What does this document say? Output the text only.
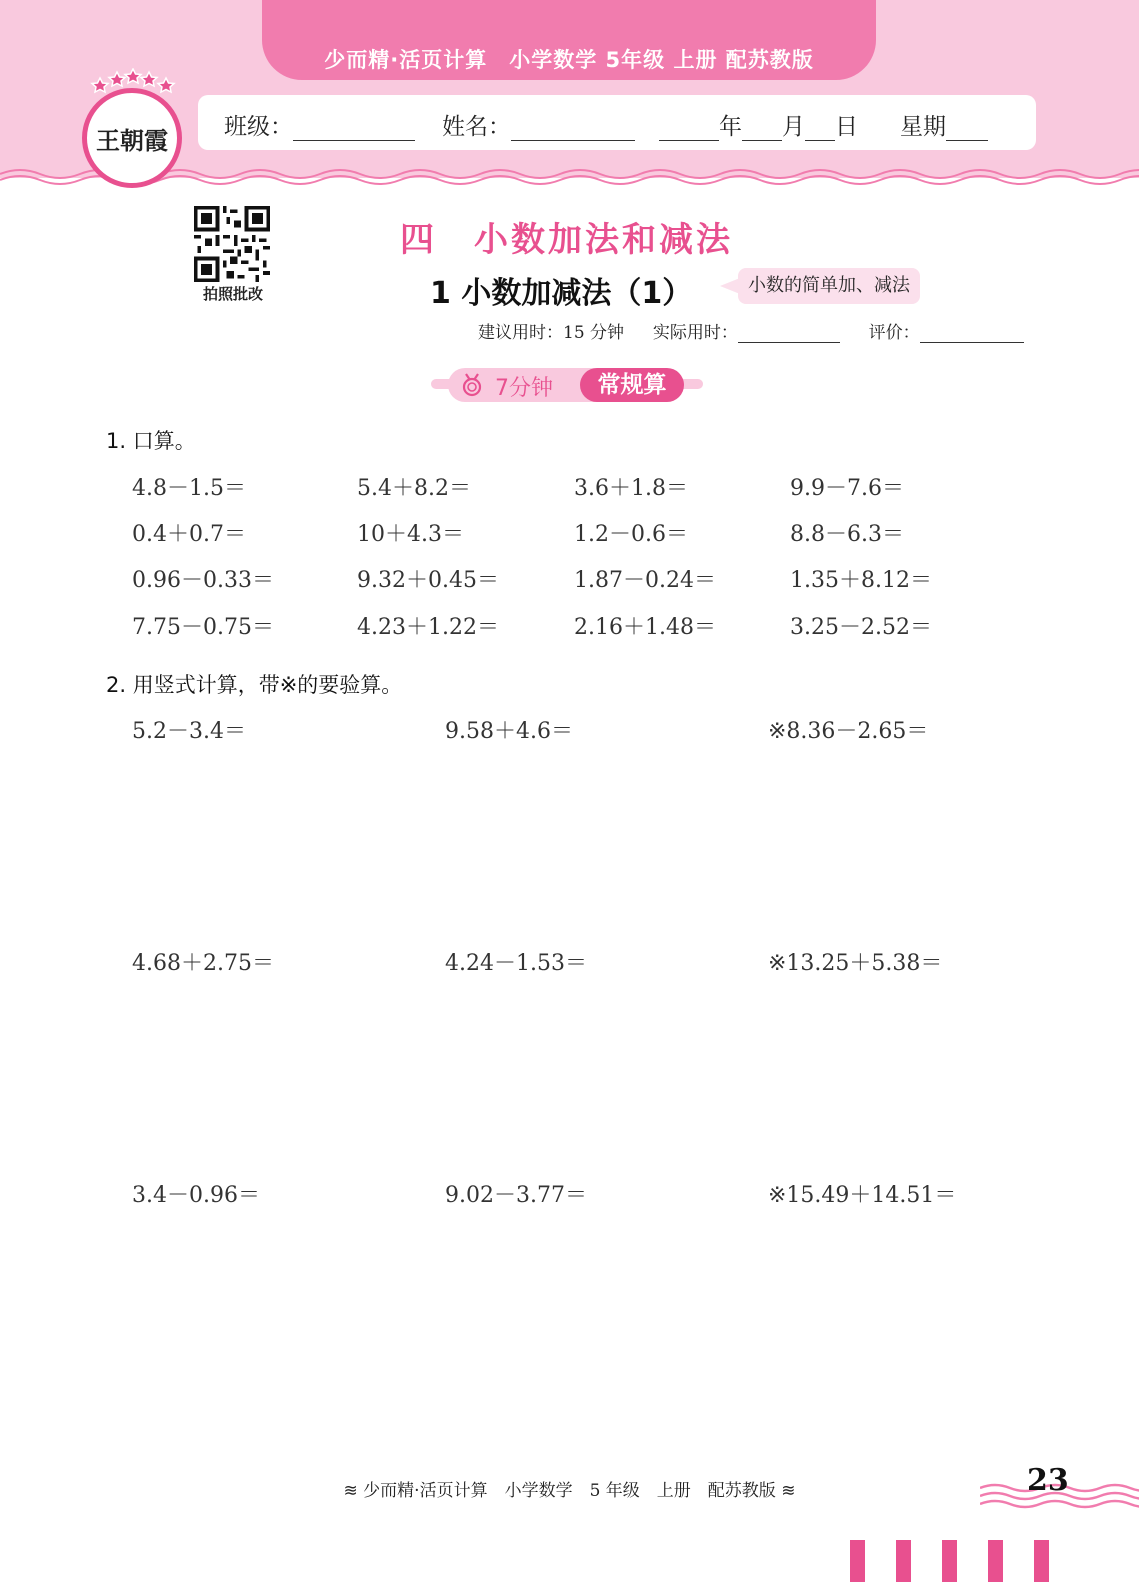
少而精·活页计算　小学数学 5年级 上册 配苏教版
班级：	姓名：	年 月 日 星期
王朝霞
拍照批改
四　小数加法和减法
1 小数加减法（1）	小数的简单加、减法
建议用时：15 分钟 实际用时：	评价：
7分钟	常规算
1. 口算。
4.8－1.5＝	5.4＋8.2＝	3.6＋1.8＝	9.9－7.6＝
0.4＋0.7＝	10＋4.3＝	1.2－0.6＝	8.8－6.3＝
0.96－0.33＝	9.32＋0.45＝	1.87－0.24＝	1.35＋8.12＝
7.75－0.75＝	4.23＋1.22＝	2.16＋1.48＝	3.25－2.52＝
2. 用竖式计算，带※的要验算。
5.2－3.4＝	9.58＋4.6＝	※8.36－2.65＝
4.68＋2.75＝	4.24－1.53＝	※13.25＋5.38＝
3.4－0.96＝	9.02－3.77＝	※15.49＋14.51＝
≋ 少而精·活页计算　小学数学　5 年级　上册　配苏教版 ≋	23
